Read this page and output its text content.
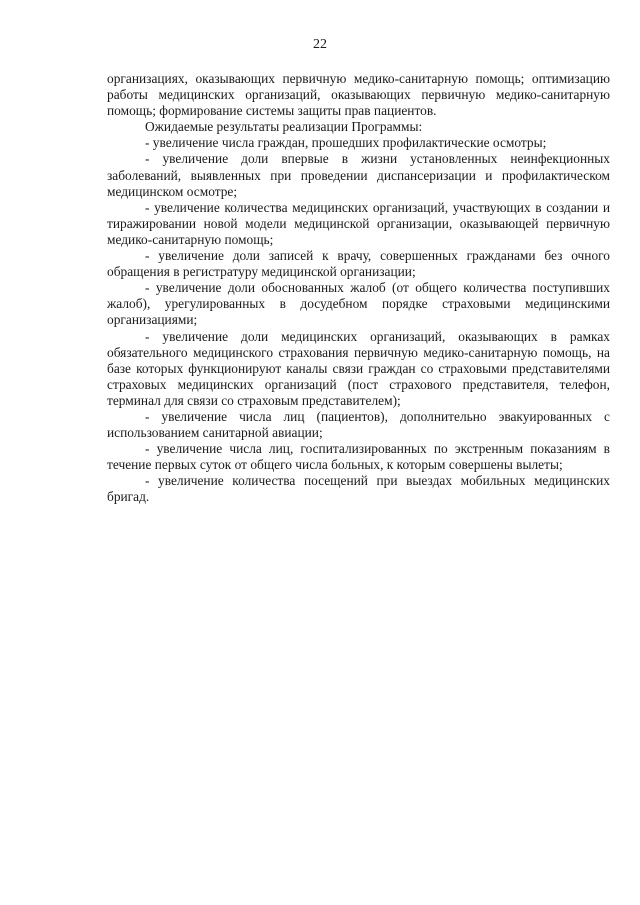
22

организациях, оказывающих первичную медико-санитарную помощь; оптимизацию работы медицинских организаций, оказывающих первичную медико-санитарную помощь; формирование системы защиты прав пациентов.

Ожидаемые результаты реализации Программы:

- увеличение числа граждан, прошедших профилактические осмотры;

- увеличение доли впервые в жизни установленных неинфекционных заболеваний, выявленных при проведении диспансеризации и профилактическом медицинском осмотре;

- увеличение количества медицинских организаций, участвующих в создании и тиражировании новой модели медицинской организации, оказывающей первичную медико-санитарную помощь;

- увеличение доли записей к врачу, совершенных гражданами без очного обращения в регистратуру медицинской организации;

- увеличение доли обоснованных жалоб (от общего количества поступивших жалоб), урегулированных в досудебном порядке страховыми медицинскими организациями;

- увеличение доли медицинских организаций, оказывающих в рамках обязательного медицинского страхования первичную медико-санитарную помощь, на базе которых функционируют каналы связи граждан со страховыми представителями страховых медицинских организаций (пост страхового представителя, телефон, терминал для связи со страховым представителем);

- увеличение числа лиц (пациентов), дополнительно эвакуированных с использованием санитарной авиации;

- увеличение числа лиц, госпитализированных по экстренным показаниям в течение первых суток от общего числа больных, к которым совершены вылеты;

- увеличение количества посещений при выездах мобильных медицинских бригад.
